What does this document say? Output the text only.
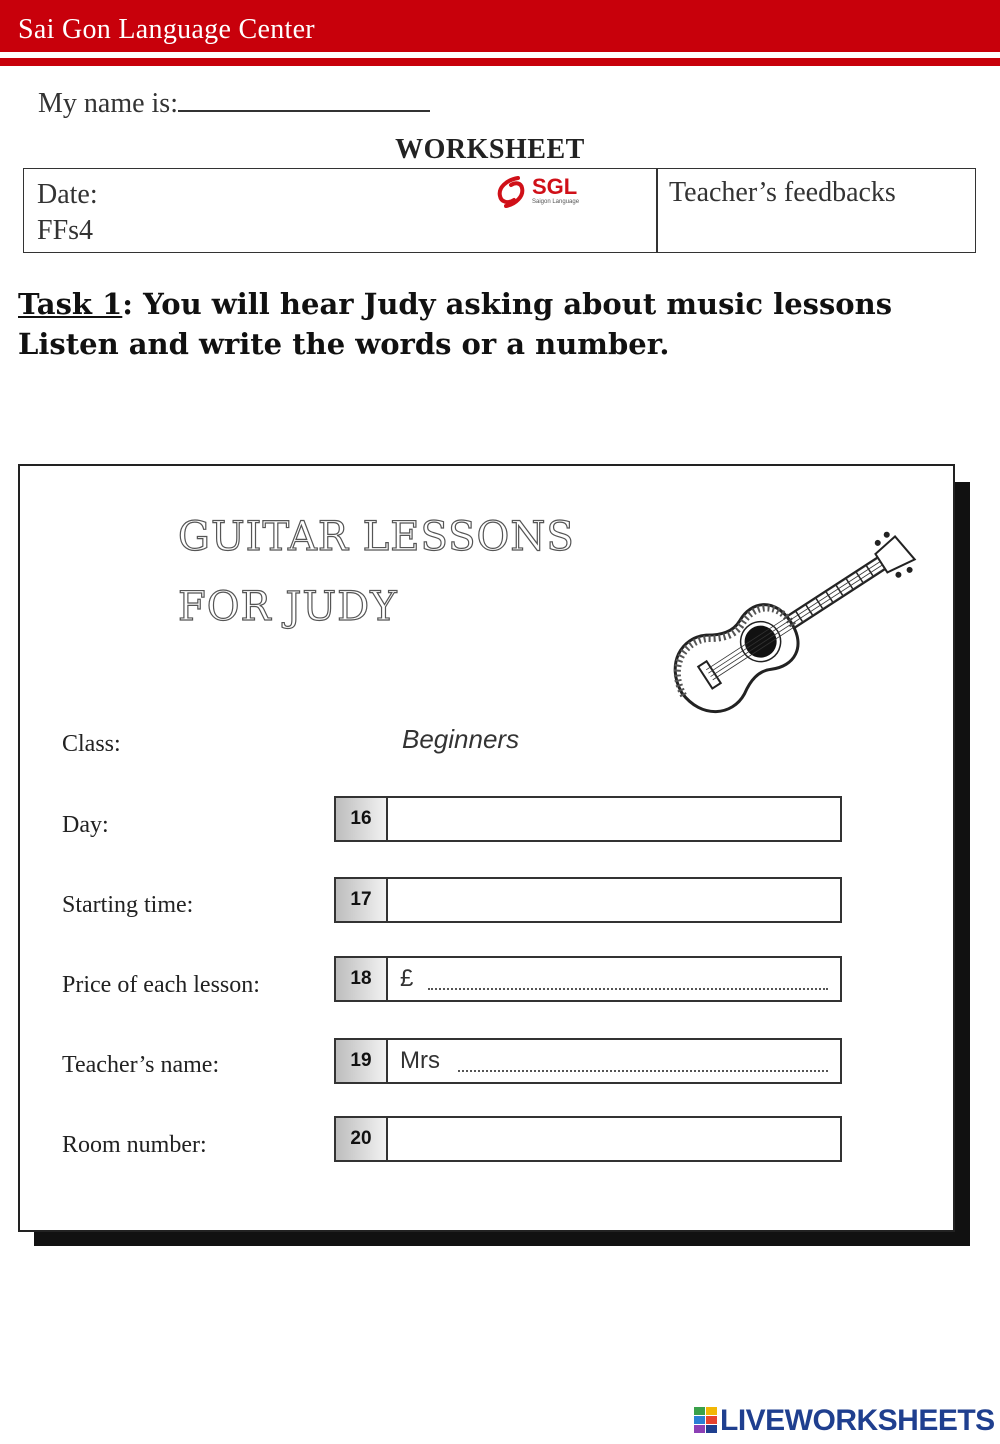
Sai Gon Language Center
My name is:
WORKSHEET
Date:
FFs4
SGL
Saigon Language	Teacher’s feedbacks
Task 1: You will hear Judy asking about music lessons
Listen and write the words or a number.
GUITAR LESSONS
FOR JUDY
Class:	Beginners
Day:	16
Starting time:	17
Price of each lesson:	18	£
Teacher’s name:	19	Mrs
Room number:	20
LIVEWORKSHEETS
